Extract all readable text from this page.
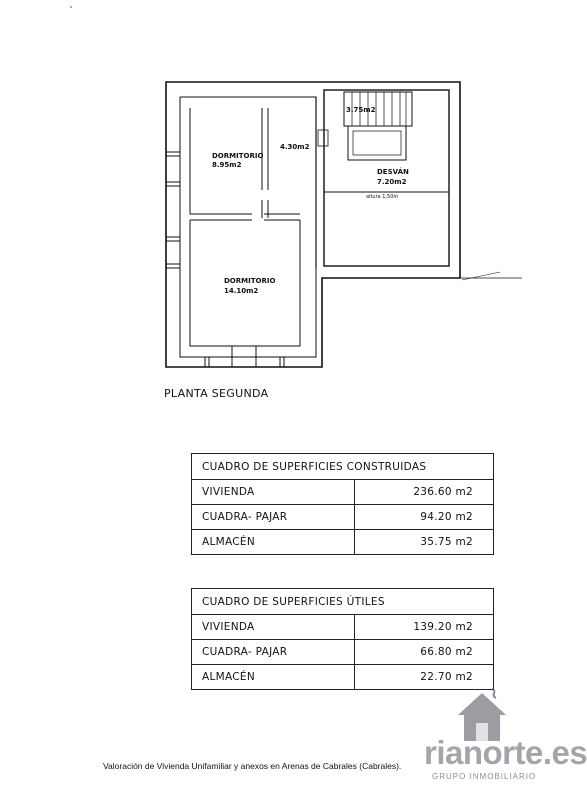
DORMITORIO
8.95m2
4.30m2
3.75m2
DESVÁN
7.20m2
altura 1,50m
DORMITORIO
14.10m2
PLANTA SEGUNDA
CUADRO DE SUPERFICIES CONSTRUIDAS	
VIVIENDA	236.60 m2
CUADRA- PAJAR	94.20 m2
ALMACÉN	35.75 m2
CUADRO DE SUPERFICIES ÚTILES	
VIVIENDA	139.20 m2
CUADRA- PAJAR	66.80 m2
ALMACÉN	22.70 m2
Valoración de Vivienda Unifamiliar y anexos en Arenas de Cabrales (Cabrales). rianorte.es
GRUPO INMOBILIARIO
